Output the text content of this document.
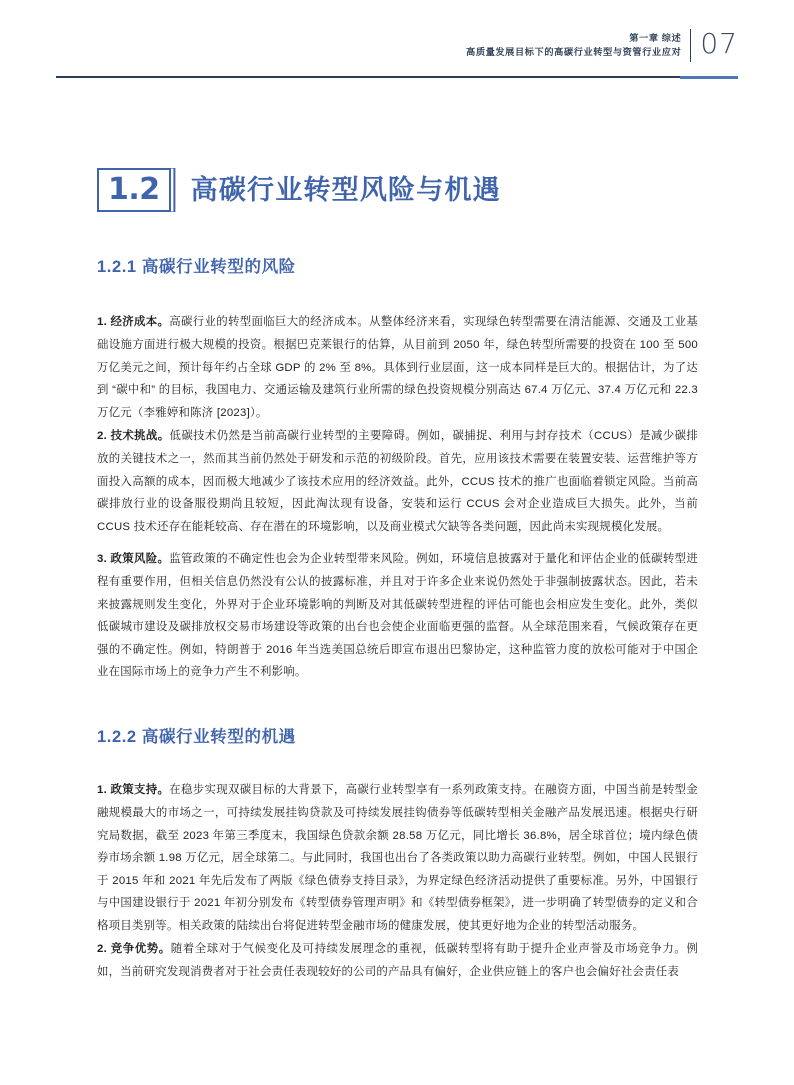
第一章 综述
高质量发展目标下的高碳行业转型与资管行业应对 07
1.2 高碳行业转型风险与机遇
1.2.1 高碳行业转型的风险

1. 经济成本。高碳行业的转型面临巨大的经济成本。从整体经济来看，实现绿色转型需要在清洁能源、交通及工业基础设施方面进行极大规模的投资。根据巴克莱银行的估算，从目前到 2050 年，绿色转型所需要的投资在 100 至 500 万亿美元之间，预计每年约占全球 GDP 的 2% 至 8%。具体到行业层面，这一成本同样是巨大的。根据估计，为了达到 “碳中和” 的目标，我国电力、交通运输及建筑行业所需的绿色投资规模分别高达 67.4 万亿元、37.4 万亿元和 22.3 万亿元（李雅婷和陈济 [2023]）。

2. 技术挑战。低碳技术仍然是当前高碳行业转型的主要障碍。例如，碳捕捉、利用与封存技术（CCUS）是减少碳排放的关键技术之一，然而其当前仍然处于研发和示范的初级阶段。首先，应用该技术需要在装置安装、运营维护等方面投入高额的成本，因而极大地减少了该技术应用的经济效益。此外，CCUS 技术的推广也面临着锁定风险。当前高碳排放行业的设备服役期尚且较短，因此淘汰现有设备，安装和运行 CCUS 会对企业造成巨大损失。此外，当前 CCUS 技术还存在能耗较高、存在潜在的环境影响，以及商业模式欠缺等各类问题，因此尚未实现规模化发展。

3. 政策风险。监管政策的不确定性也会为企业转型带来风险。例如，环境信息披露对于量化和评估企业的低碳转型进程有重要作用，但相关信息仍然没有公认的披露标准，并且对于许多企业来说仍然处于非强制披露状态。因此，若未来披露规则发生变化，外界对于企业环境影响的判断及对其低碳转型进程的评估可能也会相应发生变化。此外，类似低碳城市建设及碳排放权交易市场建设等政策的出台也会使企业面临更强的监督。从全球范围来看，气候政策存在更强的不确定性。例如，特朗普于 2016 年当选美国总统后即宣布退出巴黎协定，这种监管力度的放松可能对于中国企业在国际市场上的竞争力产生不利影响。

1.2.2 高碳行业转型的机遇

1. 政策支持。在稳步实现双碳目标的大背景下，高碳行业转型享有一系列政策支持。在融资方面，中国当前是转型金融规模最大的市场之一，可持续发展挂钩贷款及可持续发展挂钩债券等低碳转型相关金融产品发展迅速。根据央行研究局数据，截至 2023 年第三季度末，我国绿色贷款余额 28.58 万亿元，同比增长 36.8%，居全球首位；境内绿色债券市场余额 1.98 万亿元，居全球第二。与此同时，我国也出台了各类政策以助力高碳行业转型。例如，中国人民银行于 2015 年和 2021 年先后发布了两版《绿色债券支持目录》，为界定绿色经济活动提供了重要标准。另外，中国银行与中国建设银行于 2021 年初分别发布《转型债券管理声明》和《转型债券框架》，进一步明确了转型债券的定义和合格项目类别等。相关政策的陆续出台将促进转型金融市场的健康发展，使其更好地为企业的转型活动服务。

2. 竞争优势。随着全球对于气候变化及可持续发展理念的重视，低碳转型将有助于提升企业声誉及市场竞争力。例如，当前研究发现消费者对于社会责任表现较好的公司的产品具有偏好，企业供应链上的客户也会偏好社会责任表
